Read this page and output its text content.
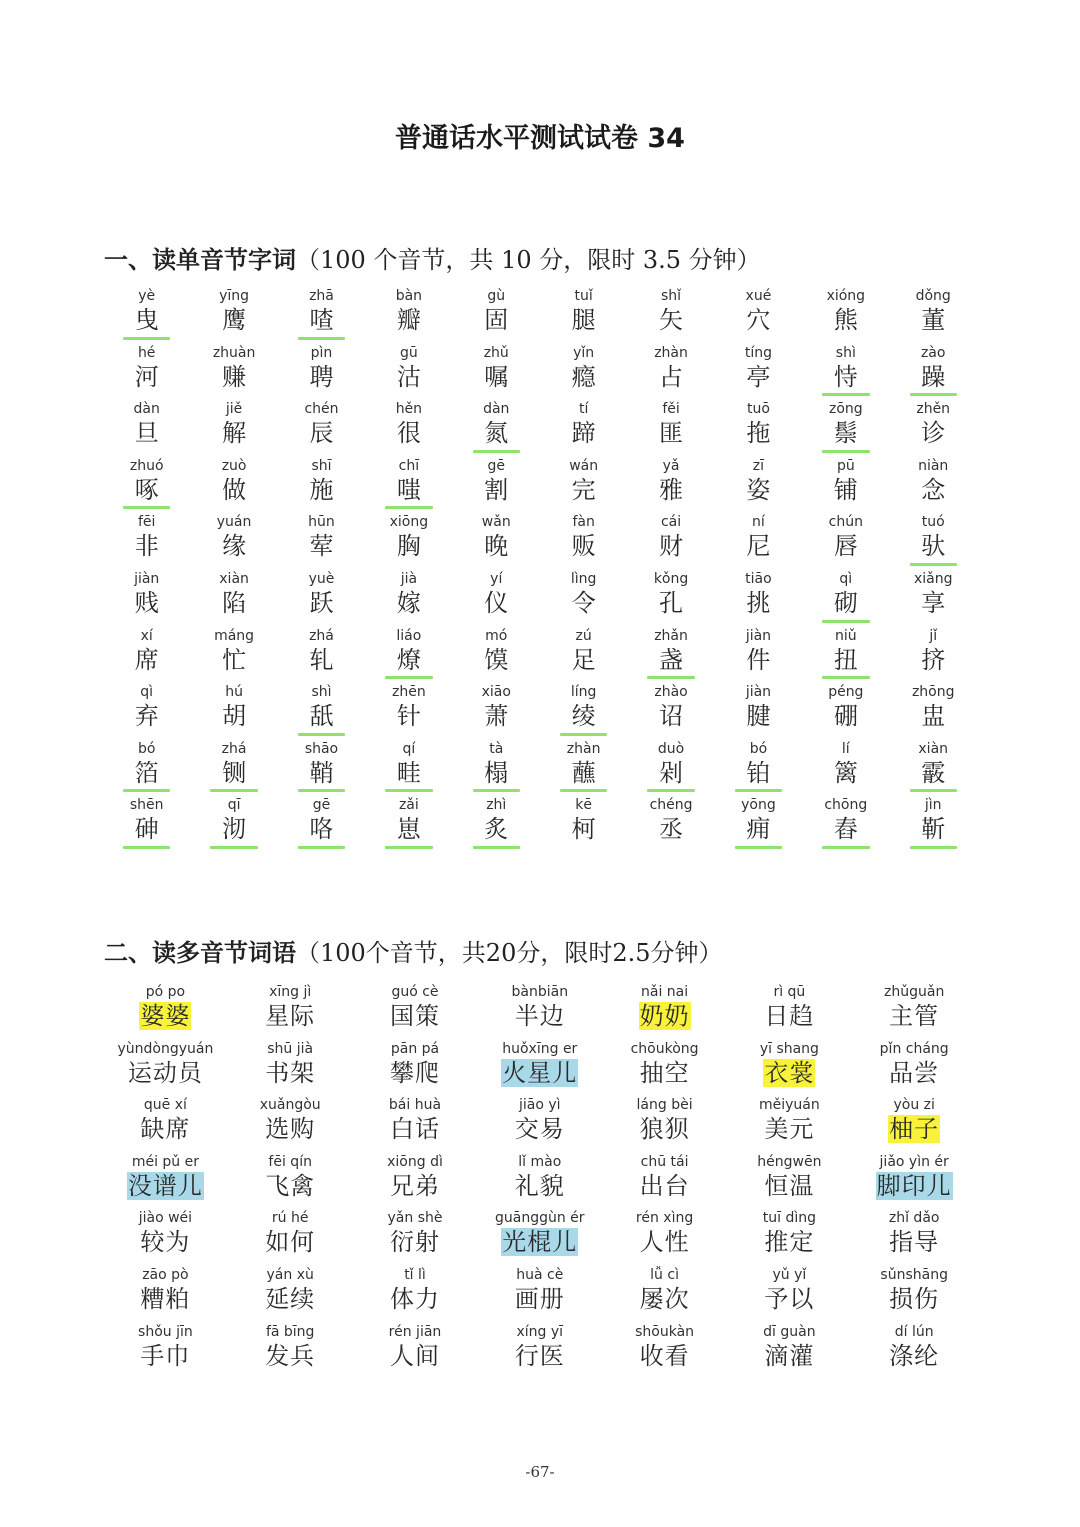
普通话水平测试试卷 34
一、读单音节字词（100 个音节，共 10 分，限时 3.5 分钟）
yè
曳
yīng
鹰
zhā
喳
bàn
瓣
gù
固
tuǐ
腿
shǐ
矢
xué
穴
xióng
熊
dǒng
董
hé
河
zhuàn
赚
pìn
聘
gū
沽
zhǔ
嘱
yǐn
瘾
zhàn
占
tíng
亭
shì
恃
zào
躁
dàn
旦
jiě
解
chén
辰
hěn
很
dàn
氮
tí
蹄
fěi
匪
tuō
拖
zōng
鬃
zhěn
诊
zhuó
啄
zuò
做
shī
施
chī
嗤
gē
割
wán
完
yǎ
雅
zī
姿
pū
铺
niàn
念
fēi
非
yuán
缘
hūn
荤
xiōng
胸
wǎn
晚
fàn
贩
cái
财
ní
尼
chún
唇
tuó
驮
jiàn
贱
xiàn
陷
yuè
跃
jià
嫁
yí
仪
lìng
令
kǒng
孔
tiāo
挑
qì
砌
xiǎng
享
xí
席
máng
忙
zhá
轧
liáo
燎
mó
馍
zú
足
zhǎn
盏
jiàn
件
niǔ
扭
jǐ
挤
qì
弃
hú
胡
shì
舐
zhēn
针
xiāo
萧
líng
绫
zhào
诏
jiàn
腱
péng
硼
zhōng
盅
bó
箔
zhá
铡
shāo
鞘
qí
畦
tà
榻
zhàn
蘸
duò
剁
bó
铂
lí
篱
xiàn
霰
shēn
砷
qī
沏
gē
咯
zǎi
崽
zhì
炙
kē
柯
chéng
丞
yōng
痈
chōng
舂
jìn
靳
二、读多音节词语（100个音节，共20分，限时2.5分钟）
pó po
婆婆
xīng jì
星际
guó cè
国策
bànbiān
半边
nǎi nai
奶奶
rì qū
日趋
zhǔguǎn
主管
yùndòngyuán
运动员
shū jià
书架
pān pá
攀爬
huǒxīng er
火星儿
chōukòng
抽空
yī shang
衣裳
pǐn cháng
品尝
quē xí
缺席
xuǎngòu
选购
bái huà
白话
jiāo yì
交易
láng bèi
狼狈
měiyuán
美元
yòu zi
柚子
méi pǔ er
没谱儿
fēi qín
飞禽
xiōng dì
兄弟
lǐ mào
礼貌
chū tái
出台
héngwēn
恒温
jiǎo yìn ér
脚印儿
jiào wéi
较为
rú hé
如何
yǎn shè
衍射
guānggùn ér
光棍儿
rén xìng
人性
tuī dìng
推定
zhǐ dǎo
指导
zāo pò
糟粕
yán xù
延续
tǐ lì
体力
huà cè
画册
lǚ cì
屡次
yǔ yǐ
予以
sǔnshāng
损伤
shǒu jīn
手巾
fā bīng
发兵
rén jiān
人间
xíng yī
行医
shōukàn
收看
dī guàn
滴灌
dí lún
涤纶
-67-
